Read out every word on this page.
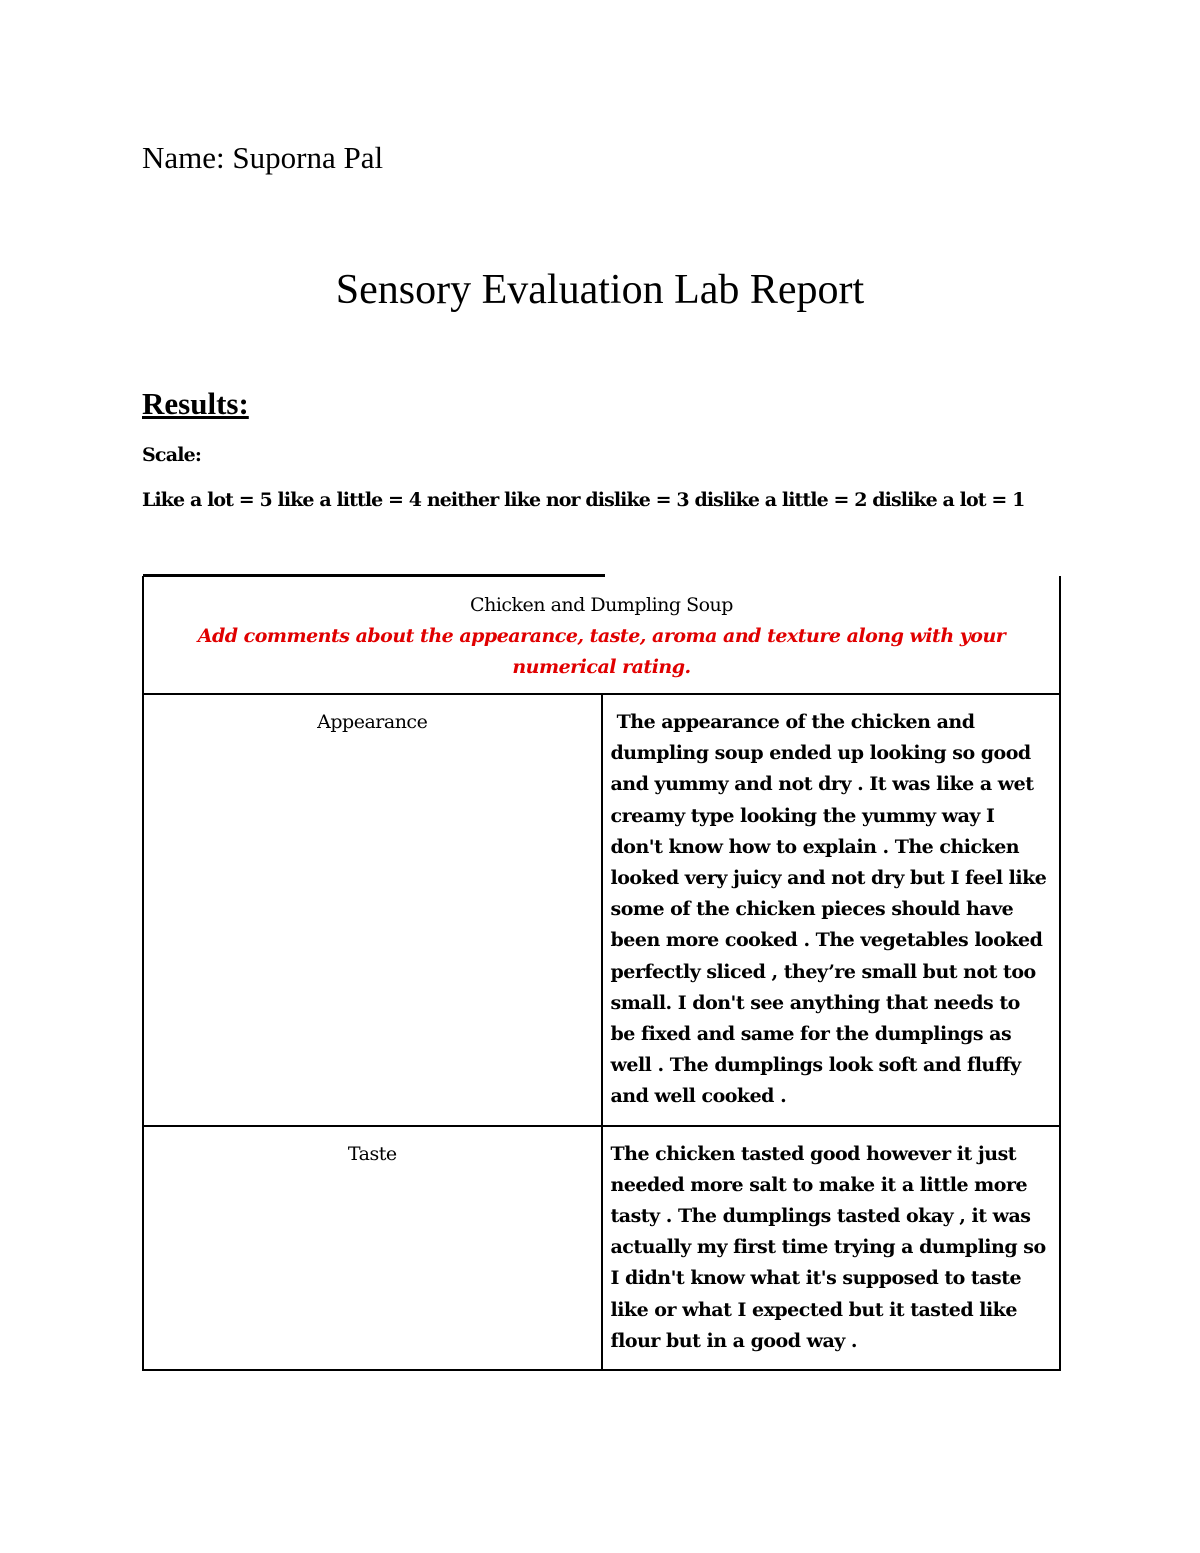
Name: Suporna Pal
Sensory Evaluation Lab Report
Results:

Scale:

Like a lot = 5 like a little = 4 neither like nor dislike = 3 dislike a little = 2 dislike a lot = 1

Chicken and Dumpling Soup
Add comments about the appearance, taste, aroma and texture along with your numerical rating.	

Appearance	The appearance of the chicken and dumpling soup ended up looking so good and yummy and not dry . It was like a wet creamy type looking the yummy way I don't know how to explain . The chicken looked very juicy and not dry but I feel like some of the chicken pieces should have been more cooked . The vegetables looked perfectly sliced , they’re small but not too small. I don't see anything that needs to be fixed and same for the dumplings as well . The dumplings look soft and fluffy and well cooked .
Taste	The chicken tasted good however it just needed more salt to make it a little more tasty . The dumplings tasted okay , it was actually my first time trying a dumpling so I didn't know what it's supposed to taste like or what I expected but it tasted like flour but in a good way .
